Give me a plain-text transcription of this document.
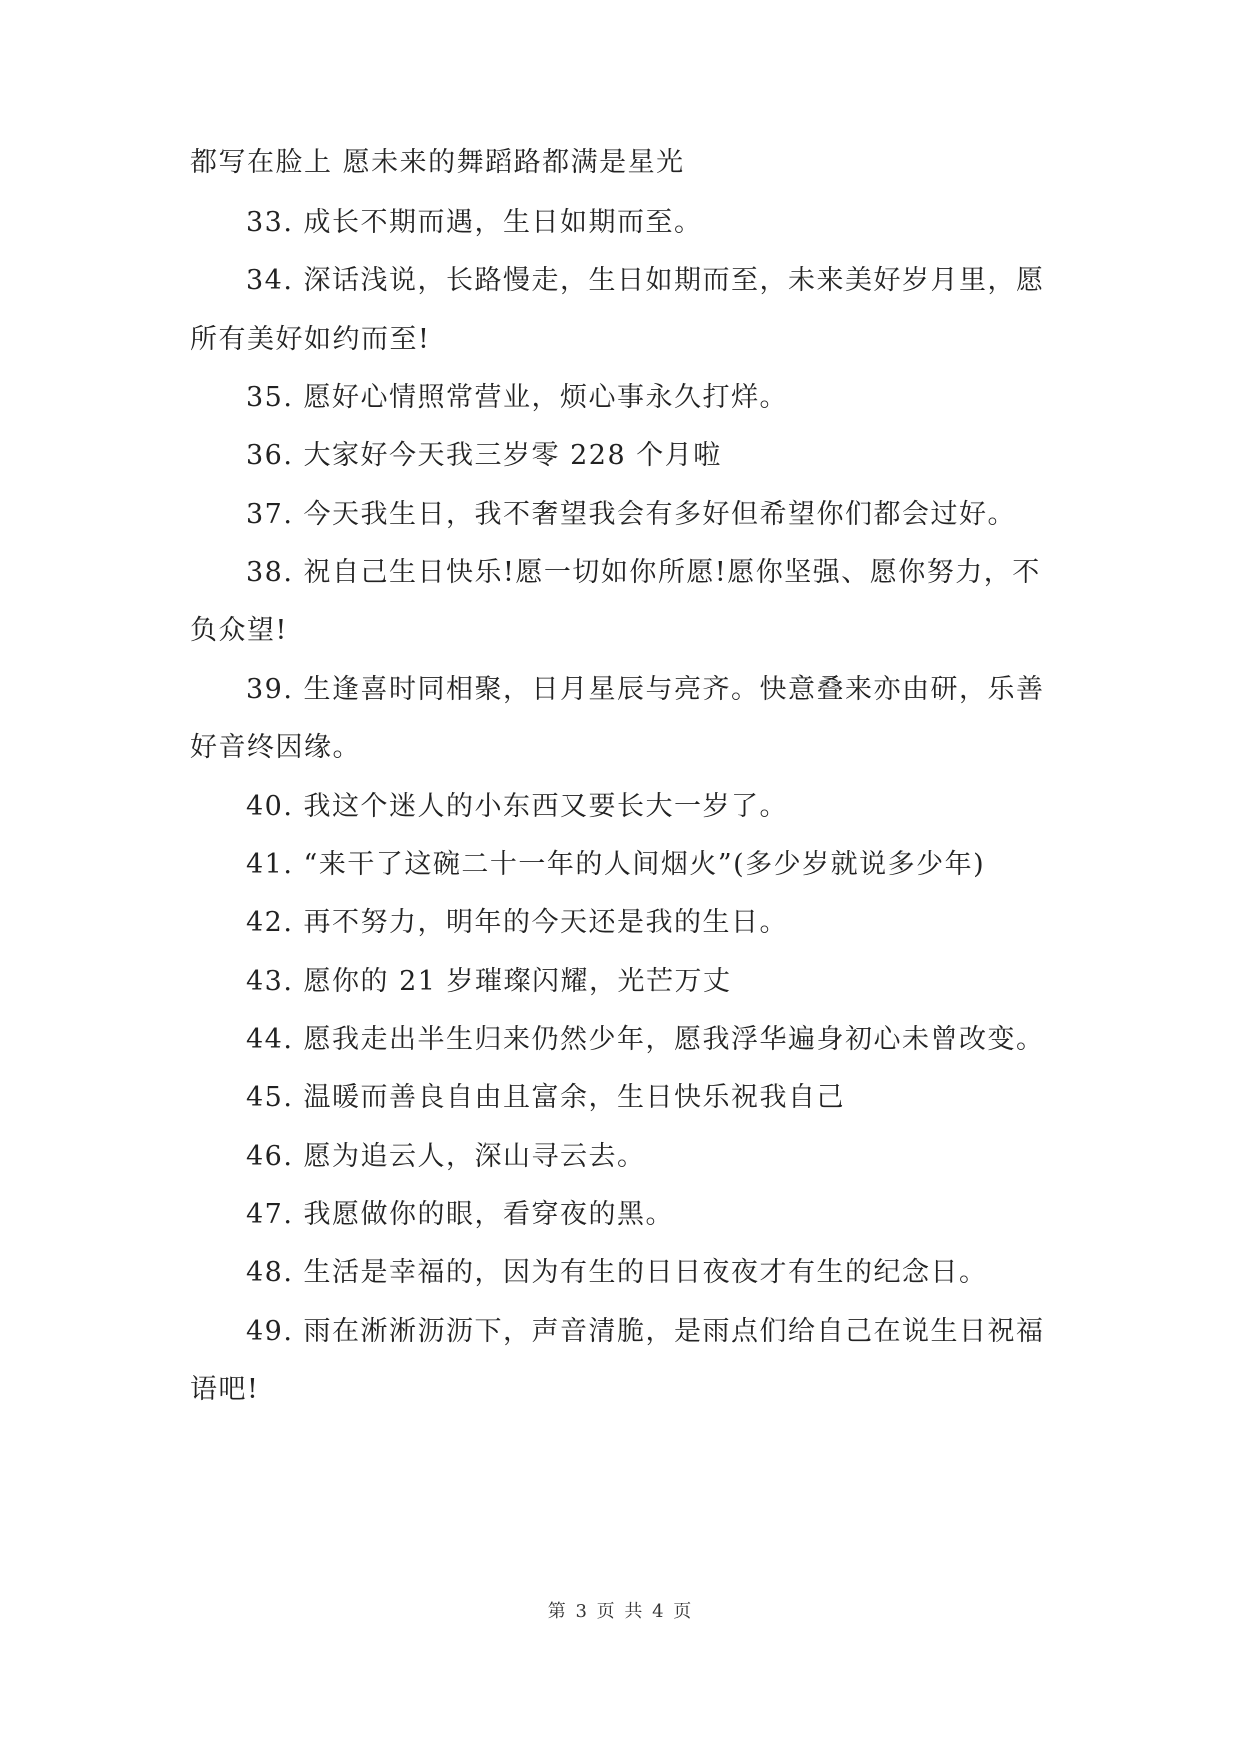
都写在脸上 愿未来的舞蹈路都满是星光
33. 成长不期而遇，生日如期而至。
34. 深话浅说，长路慢走，生日如期而至，未来美好岁月里，愿
所有美好如约而至!
35. 愿好心情照常营业，烦心事永久打烊。
36. 大家好今天我三岁零 228 个月啦
37. 今天我生日，我不奢望我会有多好但希望你们都会过好。
38. 祝自己生日快乐!愿一切如你所愿!愿你坚强、愿你努力，不
负众望!
39. 生逢喜时同相聚，日月星辰与亮齐。快意叠来亦由研，乐善
好音终因缘。
40. 我这个迷人的小东西又要长大一岁了。
41. “来干了这碗二十一年的人间烟火”(多少岁就说多少年)
42. 再不努力，明年的今天还是我的生日。
43. 愿你的 21 岁璀璨闪耀，光芒万丈
44. 愿我走出半生归来仍然少年，愿我浮华遍身初心未曾改变。
45. 温暖而善良自由且富余，生日快乐祝我自己
46. 愿为追云人，深山寻云去。
47. 我愿做你的眼，看穿夜的黑。
48. 生活是幸福的，因为有生的日日夜夜才有生的纪念日。
49. 雨在淅淅沥沥下，声音清脆，是雨点们给自己在说生日祝福
语吧!
第 3 页 共 4 页
